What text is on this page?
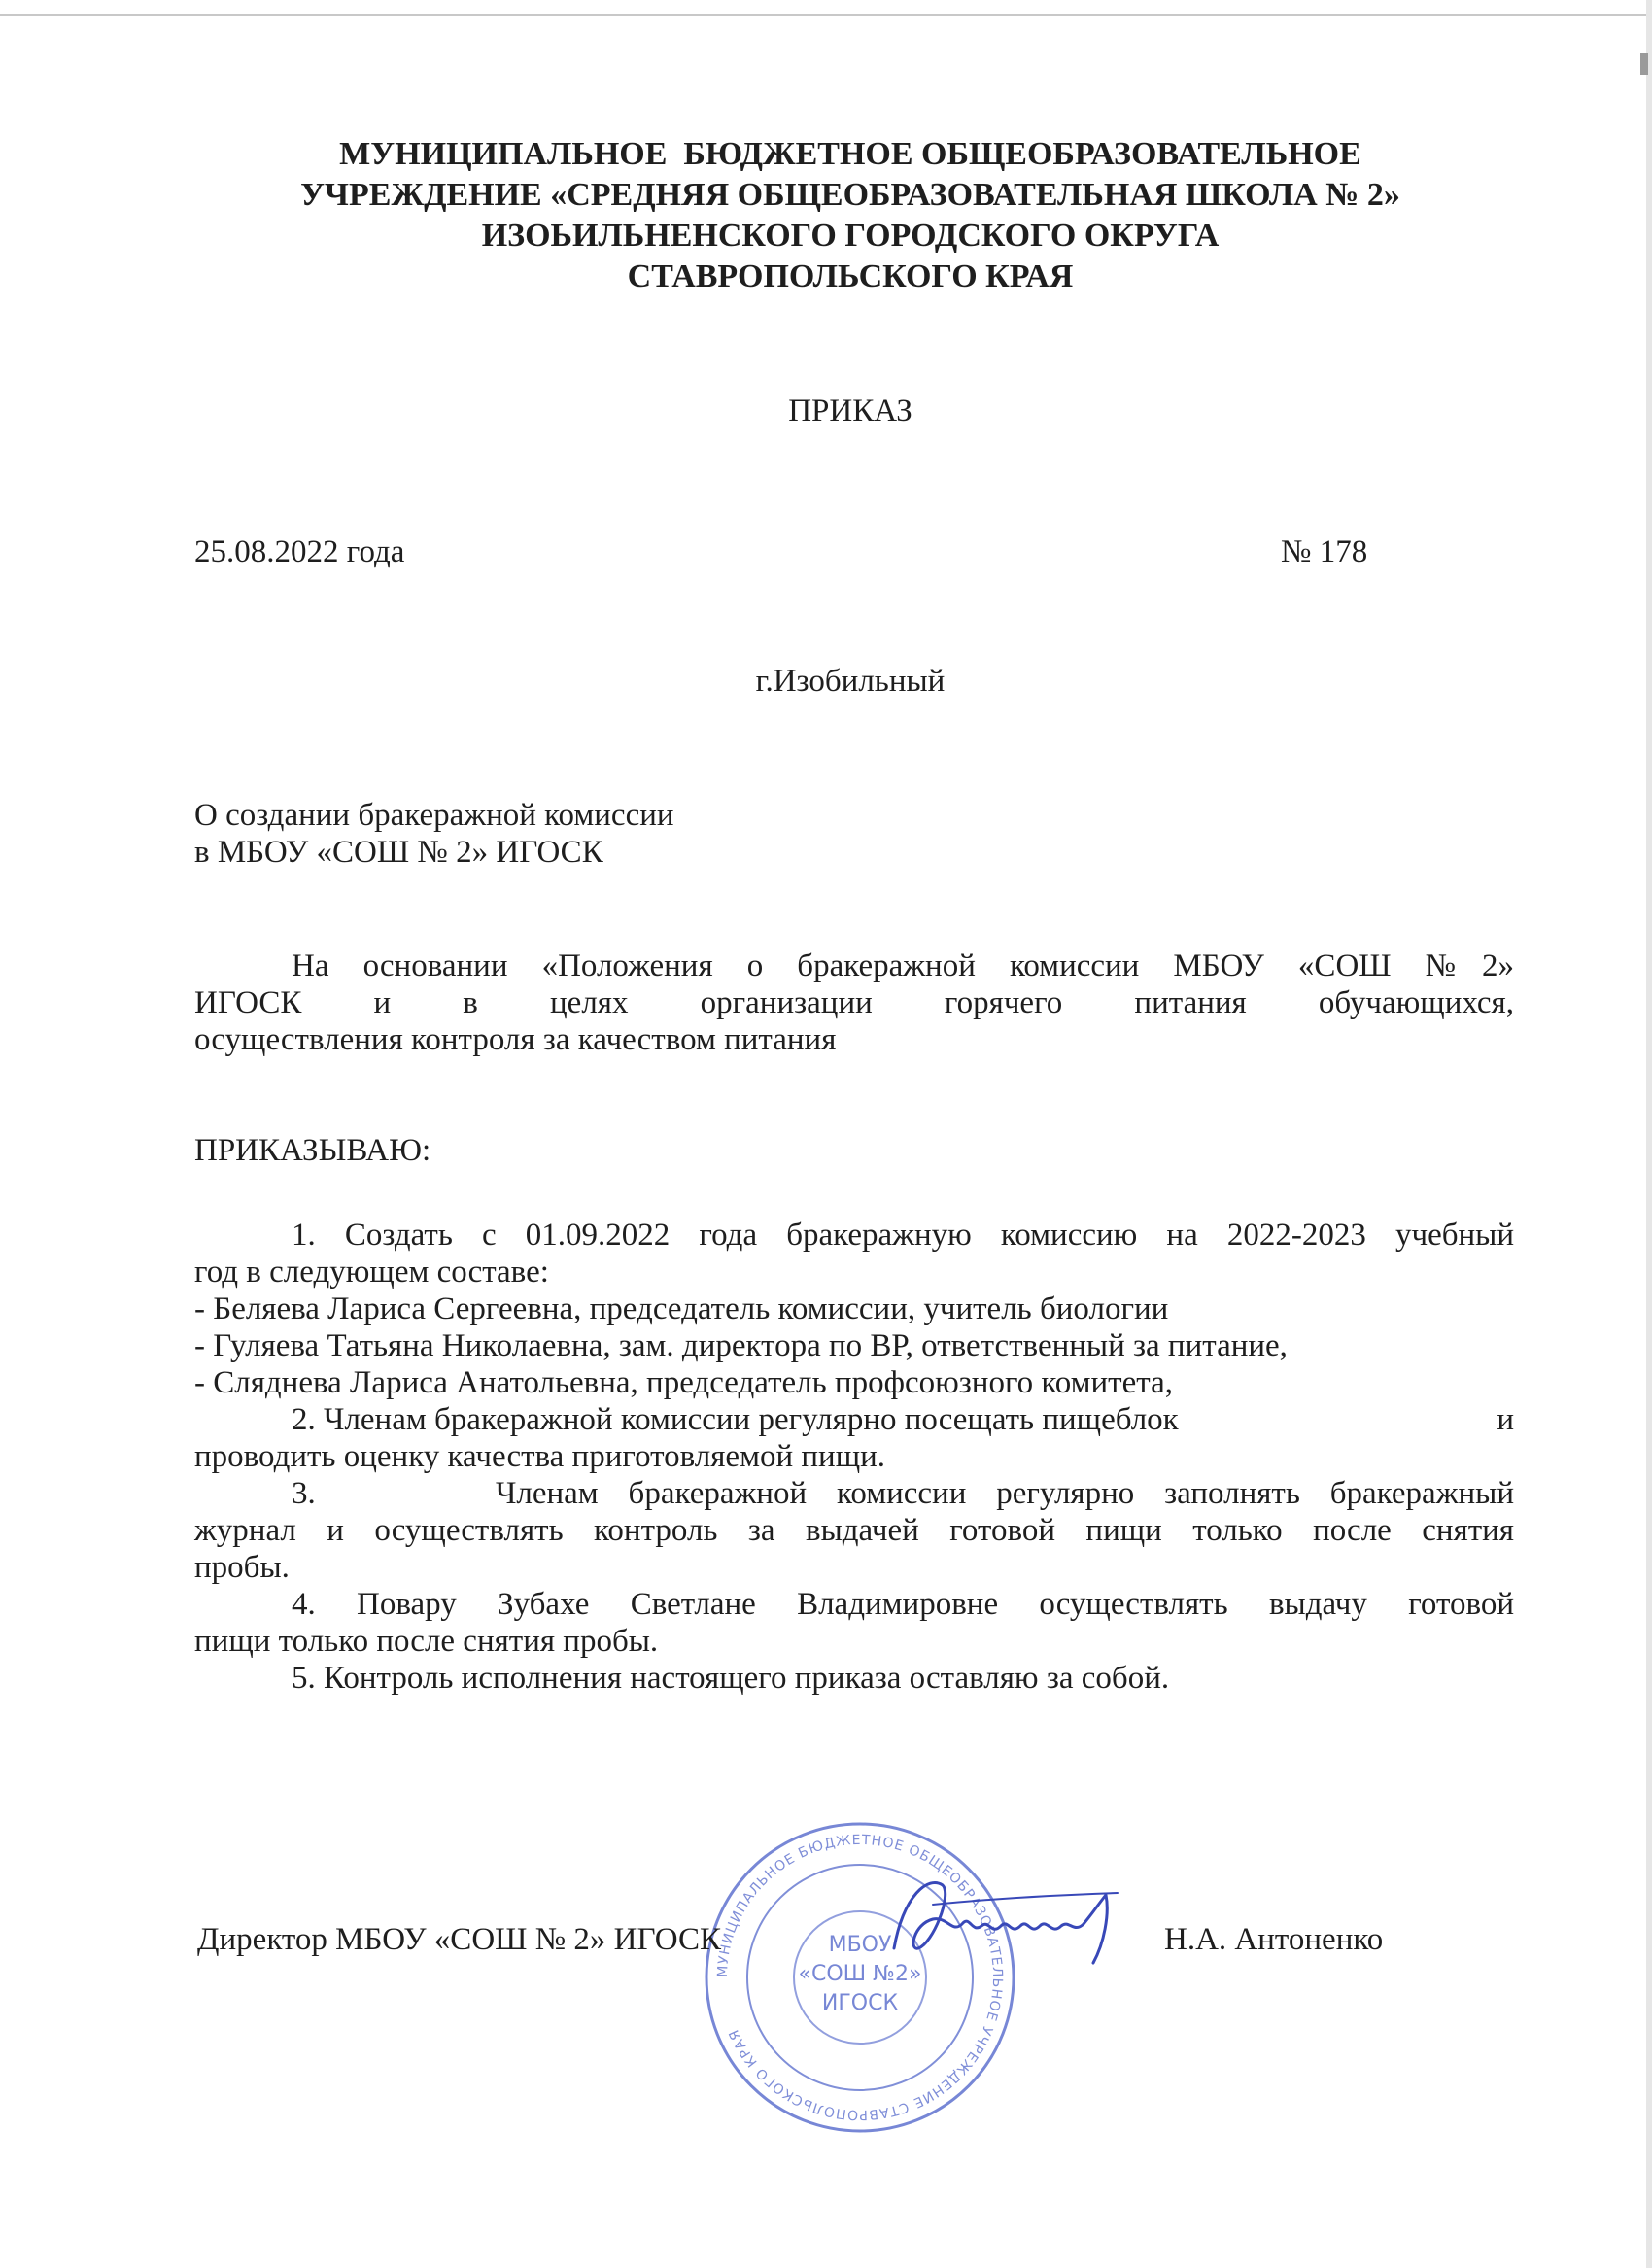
МУНИЦИПАЛЬНОЕ  БЮДЖЕТНОЕ ОБЩЕОБРАЗОВАТЕЛЬНОЕ
УЧРЕЖДЕНИЕ «СРЕДНЯЯ ОБЩЕОБРАЗОВАТЕЛЬНАЯ ШКОЛА № 2»
ИЗОЬИЛЬНЕНСКОГО ГОРОДСКОГО ОКРУГА
СТАВРОПОЛЬСКОГО КРАЯ
ПРИКАЗ
25.08.2022 года	№ 178
г.Изобильный
О создании бракеражной комиссии
в МБОУ «СОШ № 2» ИГОСК
На основании «Положения о бракеражной комиссии МБОУ «СОШ №2»
ИГОСК и в целях организации горячего питания обучающихся,
осуществления контроля за качеством питания
ПРИКАЗЫВАЮ:
1. Создать с 01.09.2022 года бракеражную комиссию на 2022-2023 учебный
год в следующем составе:
- Беляева Лариса Сергеевна, председатель комиссии, учитель биологии
- Гуляева Татьяна Николаевна, зам. директора по ВР, ответственный за питание,
- Сляднева Лариса Анатольевна, председатель профсоюзного комитета,
2. Членам бракеражной комиссии регулярно посещать пищеблок	и
проводить оценку качества приготовляемой пищи.
3.      Членам бракеражной комиссии регулярно заполнять бракеражный
журнал и осуществлять контроль за выдачей готовой пищи только после снятия
пробы.
4. Повару Зубахе Светлане Владимировне осуществлять выдачу готовой
пищи только после снятия пробы.
5. Контроль исполнения настоящего приказа оставляю за собой.
МУНИЦИПАЛЬНОЕ БЮДЖЕТНОЕ ОБЩЕОБРАЗОВАТЕЛЬНОЕ УЧРЕЖДЕНИЕ СТАВРОПОЛЬСКОГО КРАЯ
МБОУ
«СОШ №2»
ИГОСК
Директор МБОУ «СОШ № 2» ИГОСК	Н.А. Антоненко
